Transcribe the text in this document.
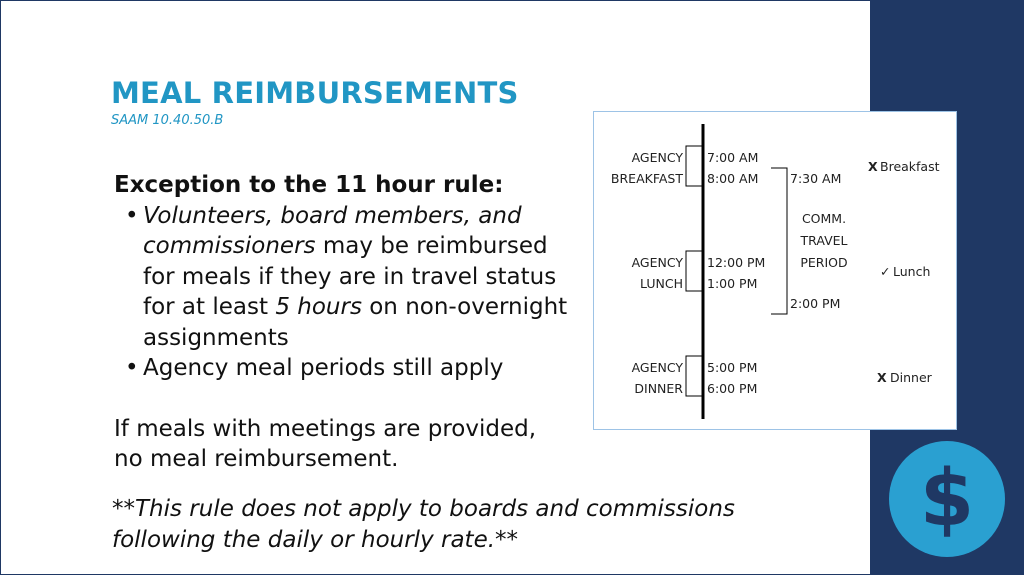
$
MEAL REIMBURSEMENTS
SAAM 10.40.50.B
Exception to the 11 hour rule:
• Volunteers, board members, and commissioners may be reimbursed for meals if they are in travel status for at least 5 hours on non-overnight assignments
• Agency meal periods still apply
If meals with meetings are provided, no meal reimbursement.
**This rule does not apply to boards and commissions following the daily or hourly rate.**
AGENCY
BREAKFAST
7:00 AM
8:00 AM
AGENCY
LUNCH
12:00 PM
1:00 PM
AGENCY
DINNER
5:00 PM
6:00 PM
7:30 AM
2:00 PM
COMM.
TRAVEL
PERIOD
X Breakfast
✓ Lunch
X Dinner
